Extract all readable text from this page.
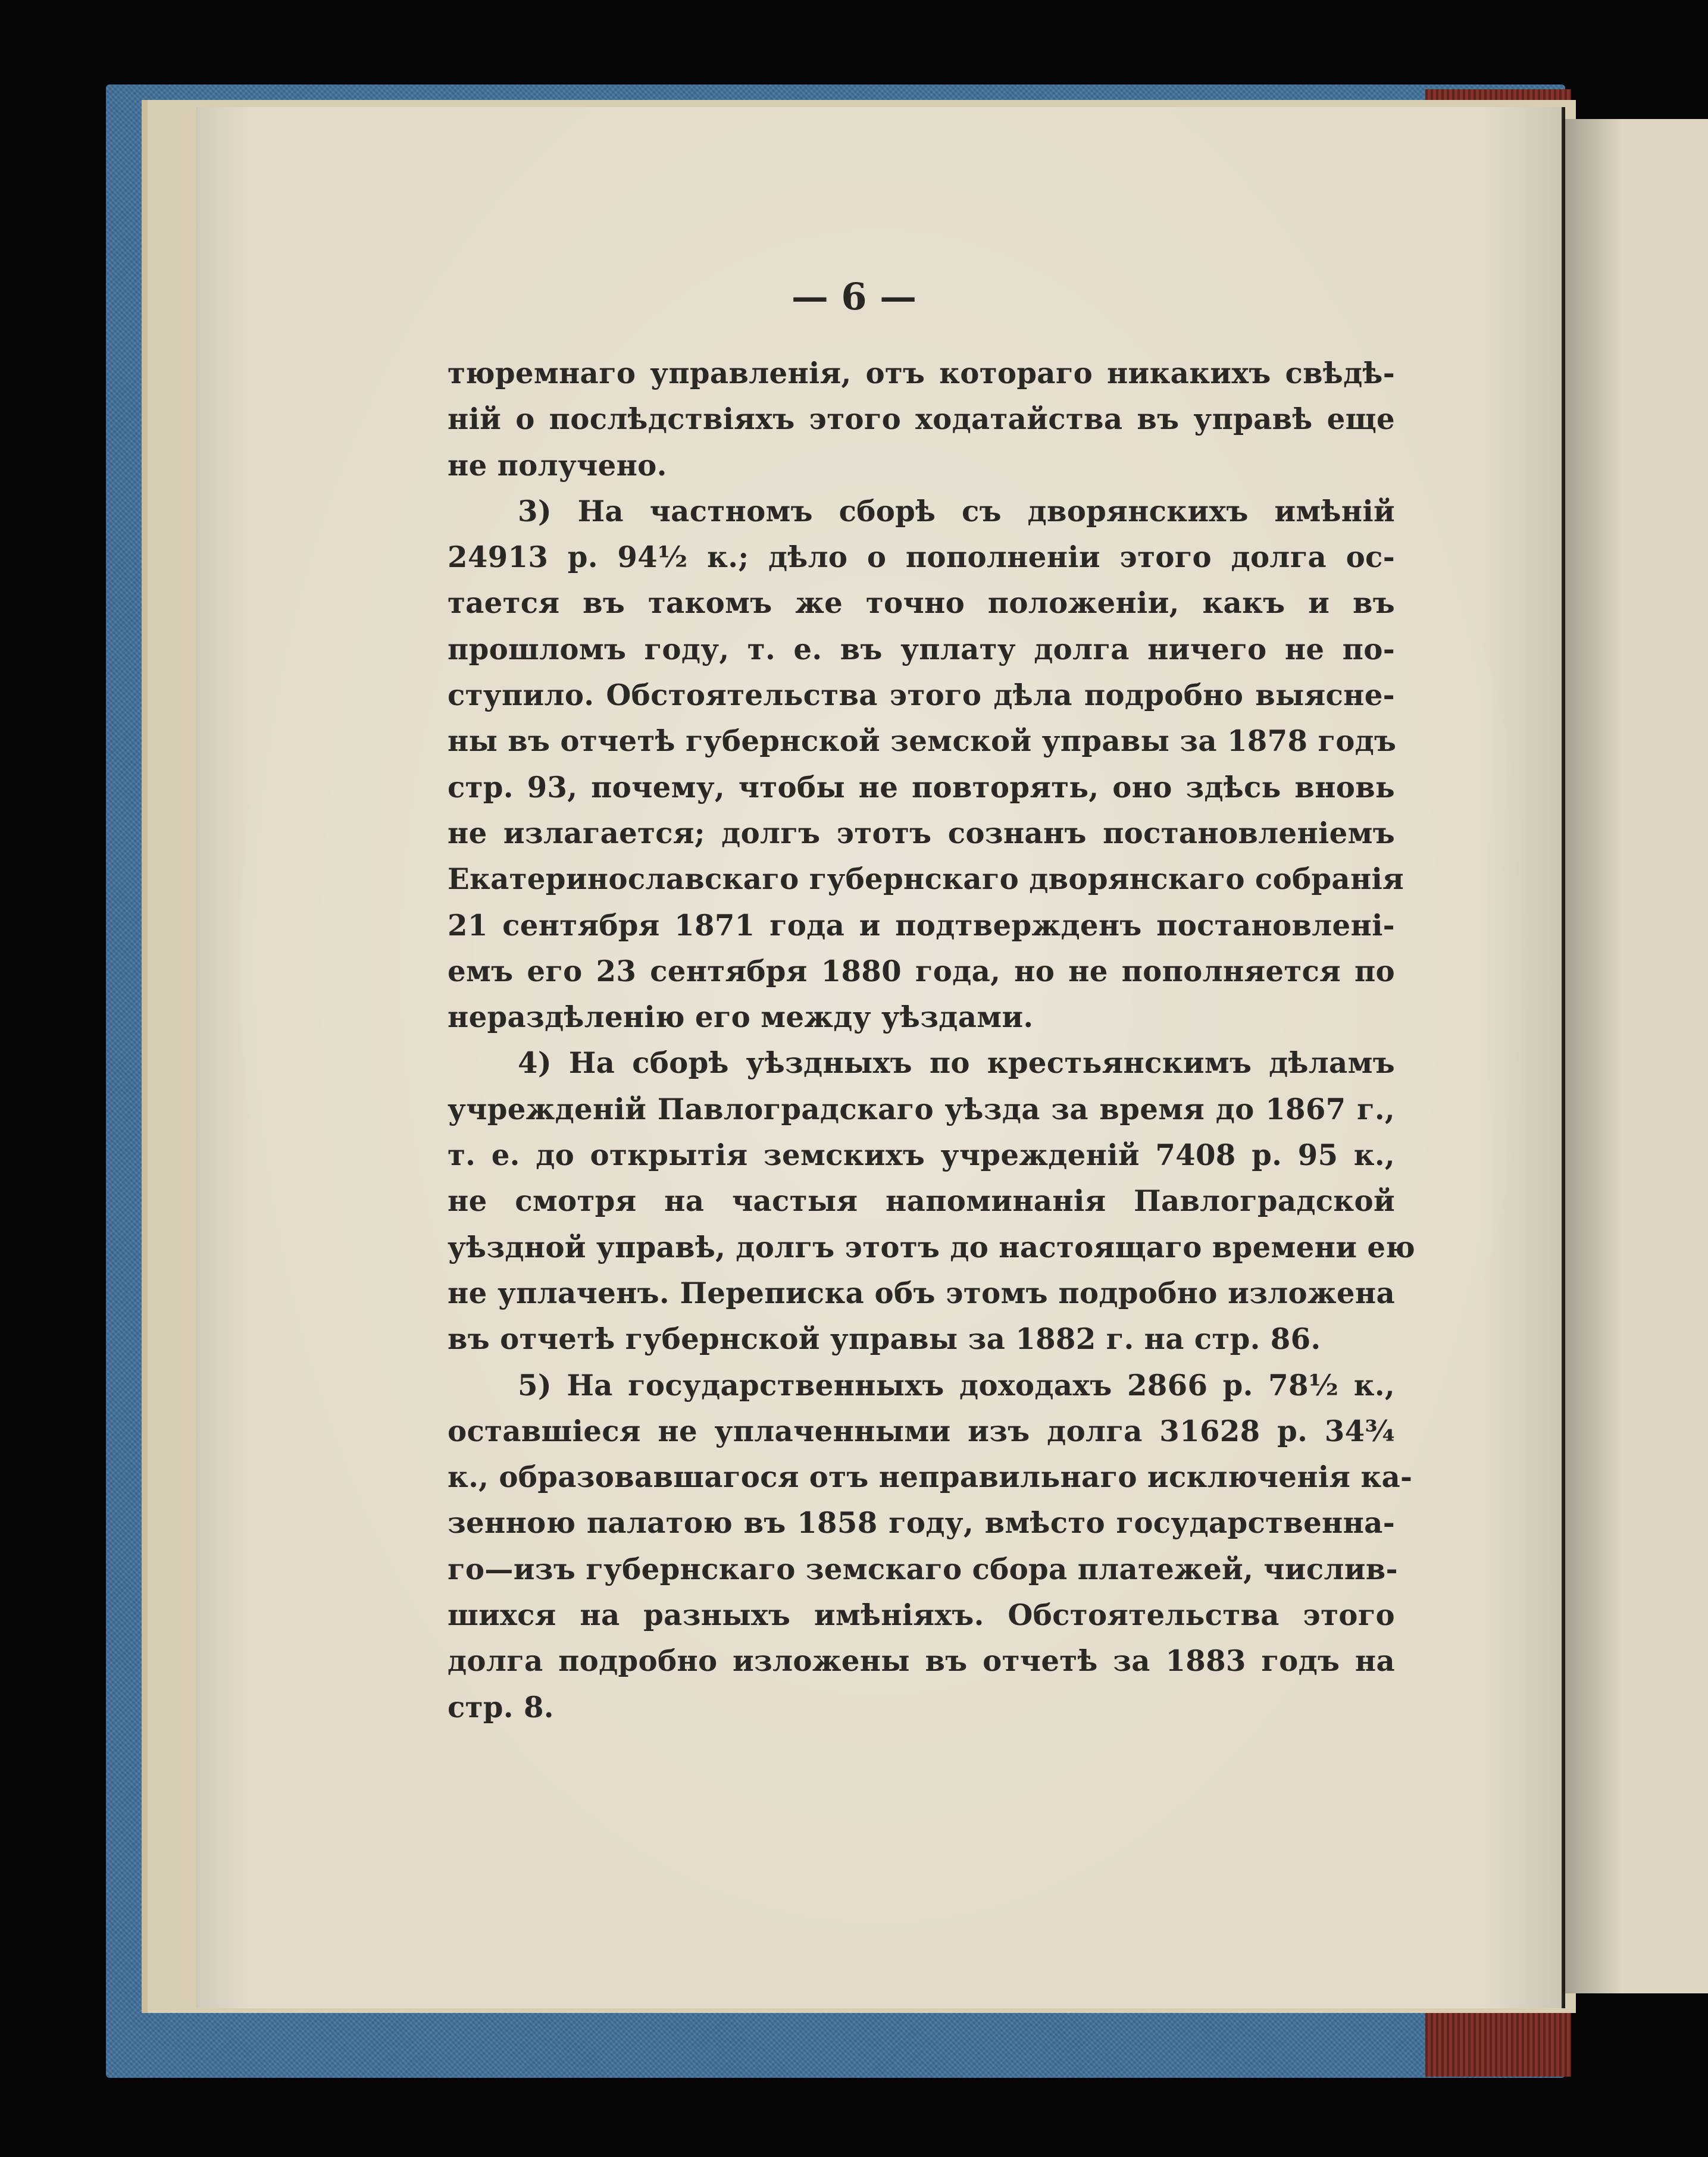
— 6 —
тюремнаго управленія, отъ котораго никакихъ свѣдѣ-
ній о послѣдствіяхъ этого ходатайства въ управѣ еще
не получено.
3) На частномъ сборѣ съ дворянскихъ имѣній
24913 р. 94½ к.; дѣло о пополненіи этого долга ос-
тается въ такомъ же точно положеніи, какъ и въ
прошломъ году, т. е. въ уплату долга ничего не по-
ступило. Обстоятельства этого дѣла подробно выясне-
ны въ отчетѣ губернской земской управы за 1878 годъ
стр. 93, почему, чтобы не повторять, оно здѣсь вновь
не излагается; долгъ этотъ сознанъ постановленіемъ
Екатеринославскаго губернскаго дворянскаго собранія
21 сентября 1871 года и подтвержденъ постановлені-
емъ его 23 сентября 1880 года, но не пополняется по
нераздѣленію его между уѣздами.
4) На сборѣ уѣздныхъ по крестьянскимъ дѣламъ
учрежденій Павлоградскаго уѣзда за время до 1867 г.,
т. е. до открытія земскихъ учрежденій 7408 р. 95 к.,
не смотря на частыя напоминанія Павлоградской
уѣздной управѣ, долгъ этотъ до настоящаго времени ею
не уплаченъ. Переписка объ этомъ подробно изложена
въ отчетѣ губернской управы за 1882 г. на стр. 86.
5) На государственныхъ доходахъ 2866 р. 78½ к.,
оставшіеся не уплаченными изъ долга 31628 р. 34¾
к., образовавшагося отъ неправильнаго исключенія ка-
зенною палатою въ 1858 году, вмѣсто государственна-
го—изъ губернскаго земскаго сбора платежей, числив-
шихся на разныхъ имѣніяхъ. Обстоятельства этого
долга подробно изложены въ отчетѣ за 1883 годъ на
стр. 8.
